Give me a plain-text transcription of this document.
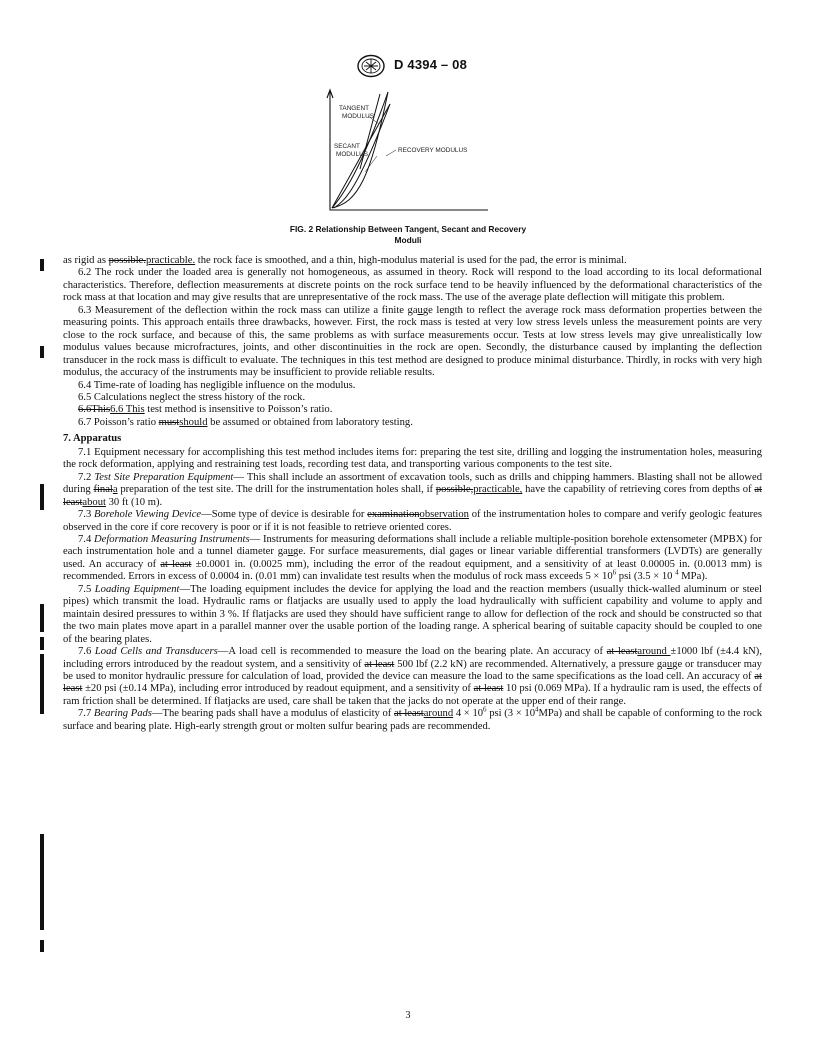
D 4394 – 08
TANGENT
MODULUS
SECANT
MODULUS
RECOVERY MODULUS
FIG. 2 Relationship Between Tangent, Secant and Recovery
Moduli

as rigid as possible.practicable. the rock face is smoothed, and a thin, high-modulus material is used for the pad, the error is minimal.

6.2 The rock under the loaded area is generally not homogeneous, as assumed in theory. Rock will respond to the load according to its local deformational characteristics. Therefore, deflection measurements at discrete points on the rock surface tend to be heavily influenced by the deformational characteristics of the rock mass at that location and may give results that are unrepresentative of the rock mass. The use of the average plate deflection will mitigate this problem.

6.3 Measurement of the deflection within the rock mass can utilize a finite gauge length to reflect the average rock mass deformation properties between the measuring points. This approach entails three drawbacks, however. First, the rock mass is tested at very low stress levels unless the measurement points are very close to the rock surface, and because of this, the same problems as with surface measurements occur. Tests at low stress levels may give unrealistically low modulus values because microfractures, joints, and other discontinuities in the rock are open. Secondly, the disturbance caused by implanting the deflection transducer in the rock mass is difficult to evaluate. The techniques in this test method are designed to produce minimal disturbance. Thirdly, in rocks with very high modulus, the accuracy of the instruments may be insufficient to provide reliable results.

6.4 Time-rate of loading has negligible influence on the modulus.

6.5 Calculations neglect the stress history of the rock.

6.6This6.6 This test method is insensitive to Poisson’s ratio.

6.7 Poisson’s ratio mustshould be assumed or obtained from laboratory testing.

7. Apparatus

7.1 Equipment necessary for accomplishing this test method includes items for: preparing the test site, drilling and logging the instrumentation holes, measuring the rock deformation, applying and restraining test loads, recording test data, and transporting various components to the test site.

7.2 Test Site Preparation Equipment— This shall include an assortment of excavation tools, such as drills and chipping hammers. Blasting shall not be allowed during finala preparation of the test site. The drill for the instrumentation holes shall, if possible,practicable, have the capability of retrieving cores from depths of at leastabout 30 ft (10 m).

7.3 Borehole Viewing Device—Some type of device is desirable for examinationobservation of the instrumentation holes to compare and verify geologic features observed in the core if core recovery is poor or if it is not feasible to retrieve oriented cores.

7.4 Deformation Measuring Instruments— Instruments for measuring deformations shall include a reliable multiple-position borehole extensometer (MPBX) for each instrumentation hole and a tunnel diameter gauge. For surface measurements, dial gages or linear variable differential transformers (LVDTs) are generally used. An accuracy of at least ±0.0001 in. (0.0025 mm), including the error of the readout equipment, and a sensitivity of at least 0.00005 in. (0.0013 mm) is recommended. Errors in excess of 0.0004 in. (0.01 mm) can invalidate test results when the modulus of rock mass exceeds $5 \times 10^6$ psi (3.5 × 10 $^4$ MPa).

7.5 Loading Equipment—The loading equipment includes the device for applying the load and the reaction members (usually thick-walled aluminum or steel pipes) which transmit the load. Hydraulic rams or flatjacks are usually used to apply the load hydraulically with sufficient capability and volume to apply and maintain desired pressures to within 3 %. If flatjacks are used they should have sufficient range to allow for deflection of the rock and should be constructed so that the two main plates move apart in a parallel manner over the usable portion of the loading range. A spherical bearing of suitable capacity should be coupled to one of the bearing plates.

7.6 Load Cells and Transducers—A load cell is recommended to measure the load on the bearing plate. An accuracy of at leastaround ±1000 lbf (±4.4 kN), including errors introduced by the readout system, and a sensitivity of at least 500 lbf (2.2 kN) are recommended. Alternatively, a pressure gauge or transducer may be used to monitor hydraulic pressure for calculation of load, provided the device can measure the load to the same specifications as the load cell. An accuracy of at least ±20 psi (±0.14 MPa), including error introduced by readout equipment, and a sensitivity of at least 10 psi (0.069 MPa). If a hydraulic ram is used, the effects of ram friction shall be determined. If flatjacks are used, care shall be taken that the jacks do not operate at the upper end of their range.

7.7 Bearing Pads—The bearing pads shall have a modulus of elasticity of at leastaround $4 \times 10^6$ psi $(3 \times 10^4MPa)$ and shall be capable of conforming to the rock surface and bearing plate. High-early strength grout or molten sulfur bearing pads are recommended.

3
